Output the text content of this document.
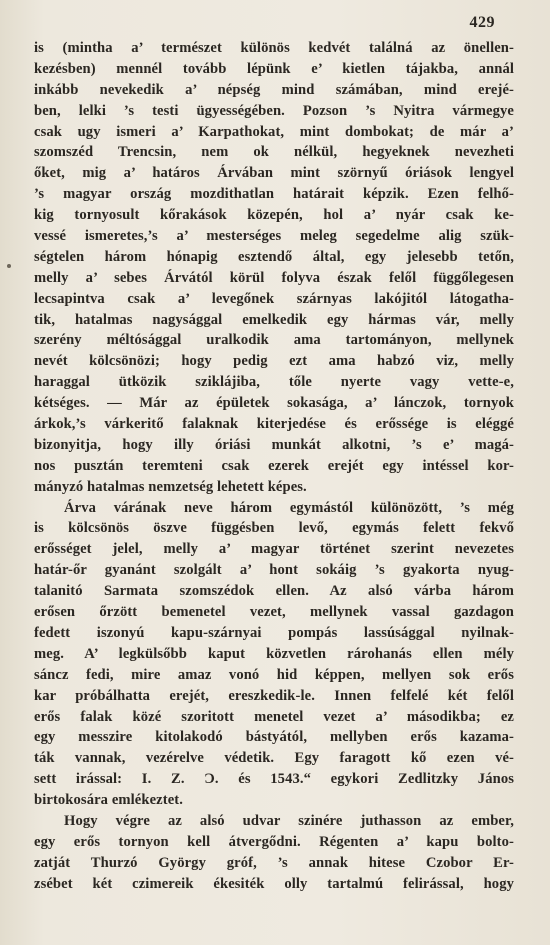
429
is (mintha a’ természet különös kedvét találná az önellen-
kezésben) mennél tovább lépünk e’ kietlen tájakba, annál
inkább nevekedik a’ népség mind számában, mind erejé-
ben, lelki ’s testi ügyességében. Pozson ’s Nyitra vármegye
csak ugy ismeri a’ Karpathokat, mint dombokat; de már a’
szomszéd Trencsin, nem ok nélkül, hegyeknek nevezheti
őket, mig a’ határos Árvában mint szörnyű óriások lengyel
’s magyar ország mozdithatlan határait képzik. Ezen felhő-
kig tornyosult kőrakások közepén, hol a’ nyár csak ke-
vessé ismeretes,’s a’ mesterséges meleg segedelme alig szük-
ségtelen három hónapig esztendő által, egy jelesebb tetőn,
melly a’ sebes Árvától körül folyva észak felől függőlegesen
lecsapintva csak a’ levegőnek szárnyas lakójitól látogatha-
tik, hatalmas nagysággal emelkedik egy hármas vár, melly
szerény méltósággal uralkodik ama tartományon, mellynek
nevét kölcsönözi; hogy pedig ezt ama habzó viz, melly
haraggal ütközik sziklájiba, tőle nyerte vagy vette-e,
kétséges. — Már az épületek sokasága, a’ lánczok, tornyok
árkok,’s várkeritő falaknak kiterjedése és erőssége is eléggé
bizonyitja, hogy illy óriási munkát alkotni, ’s e’ magá-
nos pusztán teremteni csak ezerek erejét egy intéssel kor-
mányzó hatalmas nemzetség lehetett képes.
Árva várának neve három egymástól különözött, ’s még
is kölcsönös öszve függésben levő, egymás felett fekvő
erősséget jelel, melly a’ magyar történet szerint nevezetes
határ-őr gyanánt szolgált a’ hont sokáig ’s gyakorta nyug-
talanitó Sarmata szomszédok ellen. Az alsó várba három
erősen őrzött bemenetel vezet, mellynek vassal gazdagon
fedett iszonyú kapu-szárnyai pompás lassúsággal nyilnak-
meg. A’ legkülsőbb kaput közvetlen rárohanás ellen mély
sáncz fedi, mire amaz vonó hid képpen, mellyen sok erős
kar próbálhatta erejét, ereszkedik-le. Innen felfelé két felől
erős falak közé szoritott menetel vezet a’ másodikba; ez
egy messzire kitolakodó bástyától, mellyben erős kazama-
ták vannak, vezérelve védetik. Egy faragott kő ezen vé-
sett irással: I. Z. Ɔ. és 1543.“ egykori Zedlitzky János
birtokosára emlékeztet.
Hogy végre az alsó udvar szinére juthasson az ember,
egy erős tornyon kell átvergődni. Régenten a’ kapu bolto-
zatját Thurzó György gróf, ’s annak hitese Czobor Er-
zsébet két czimereik ékesiték olly tartalmú felirással, hogy
